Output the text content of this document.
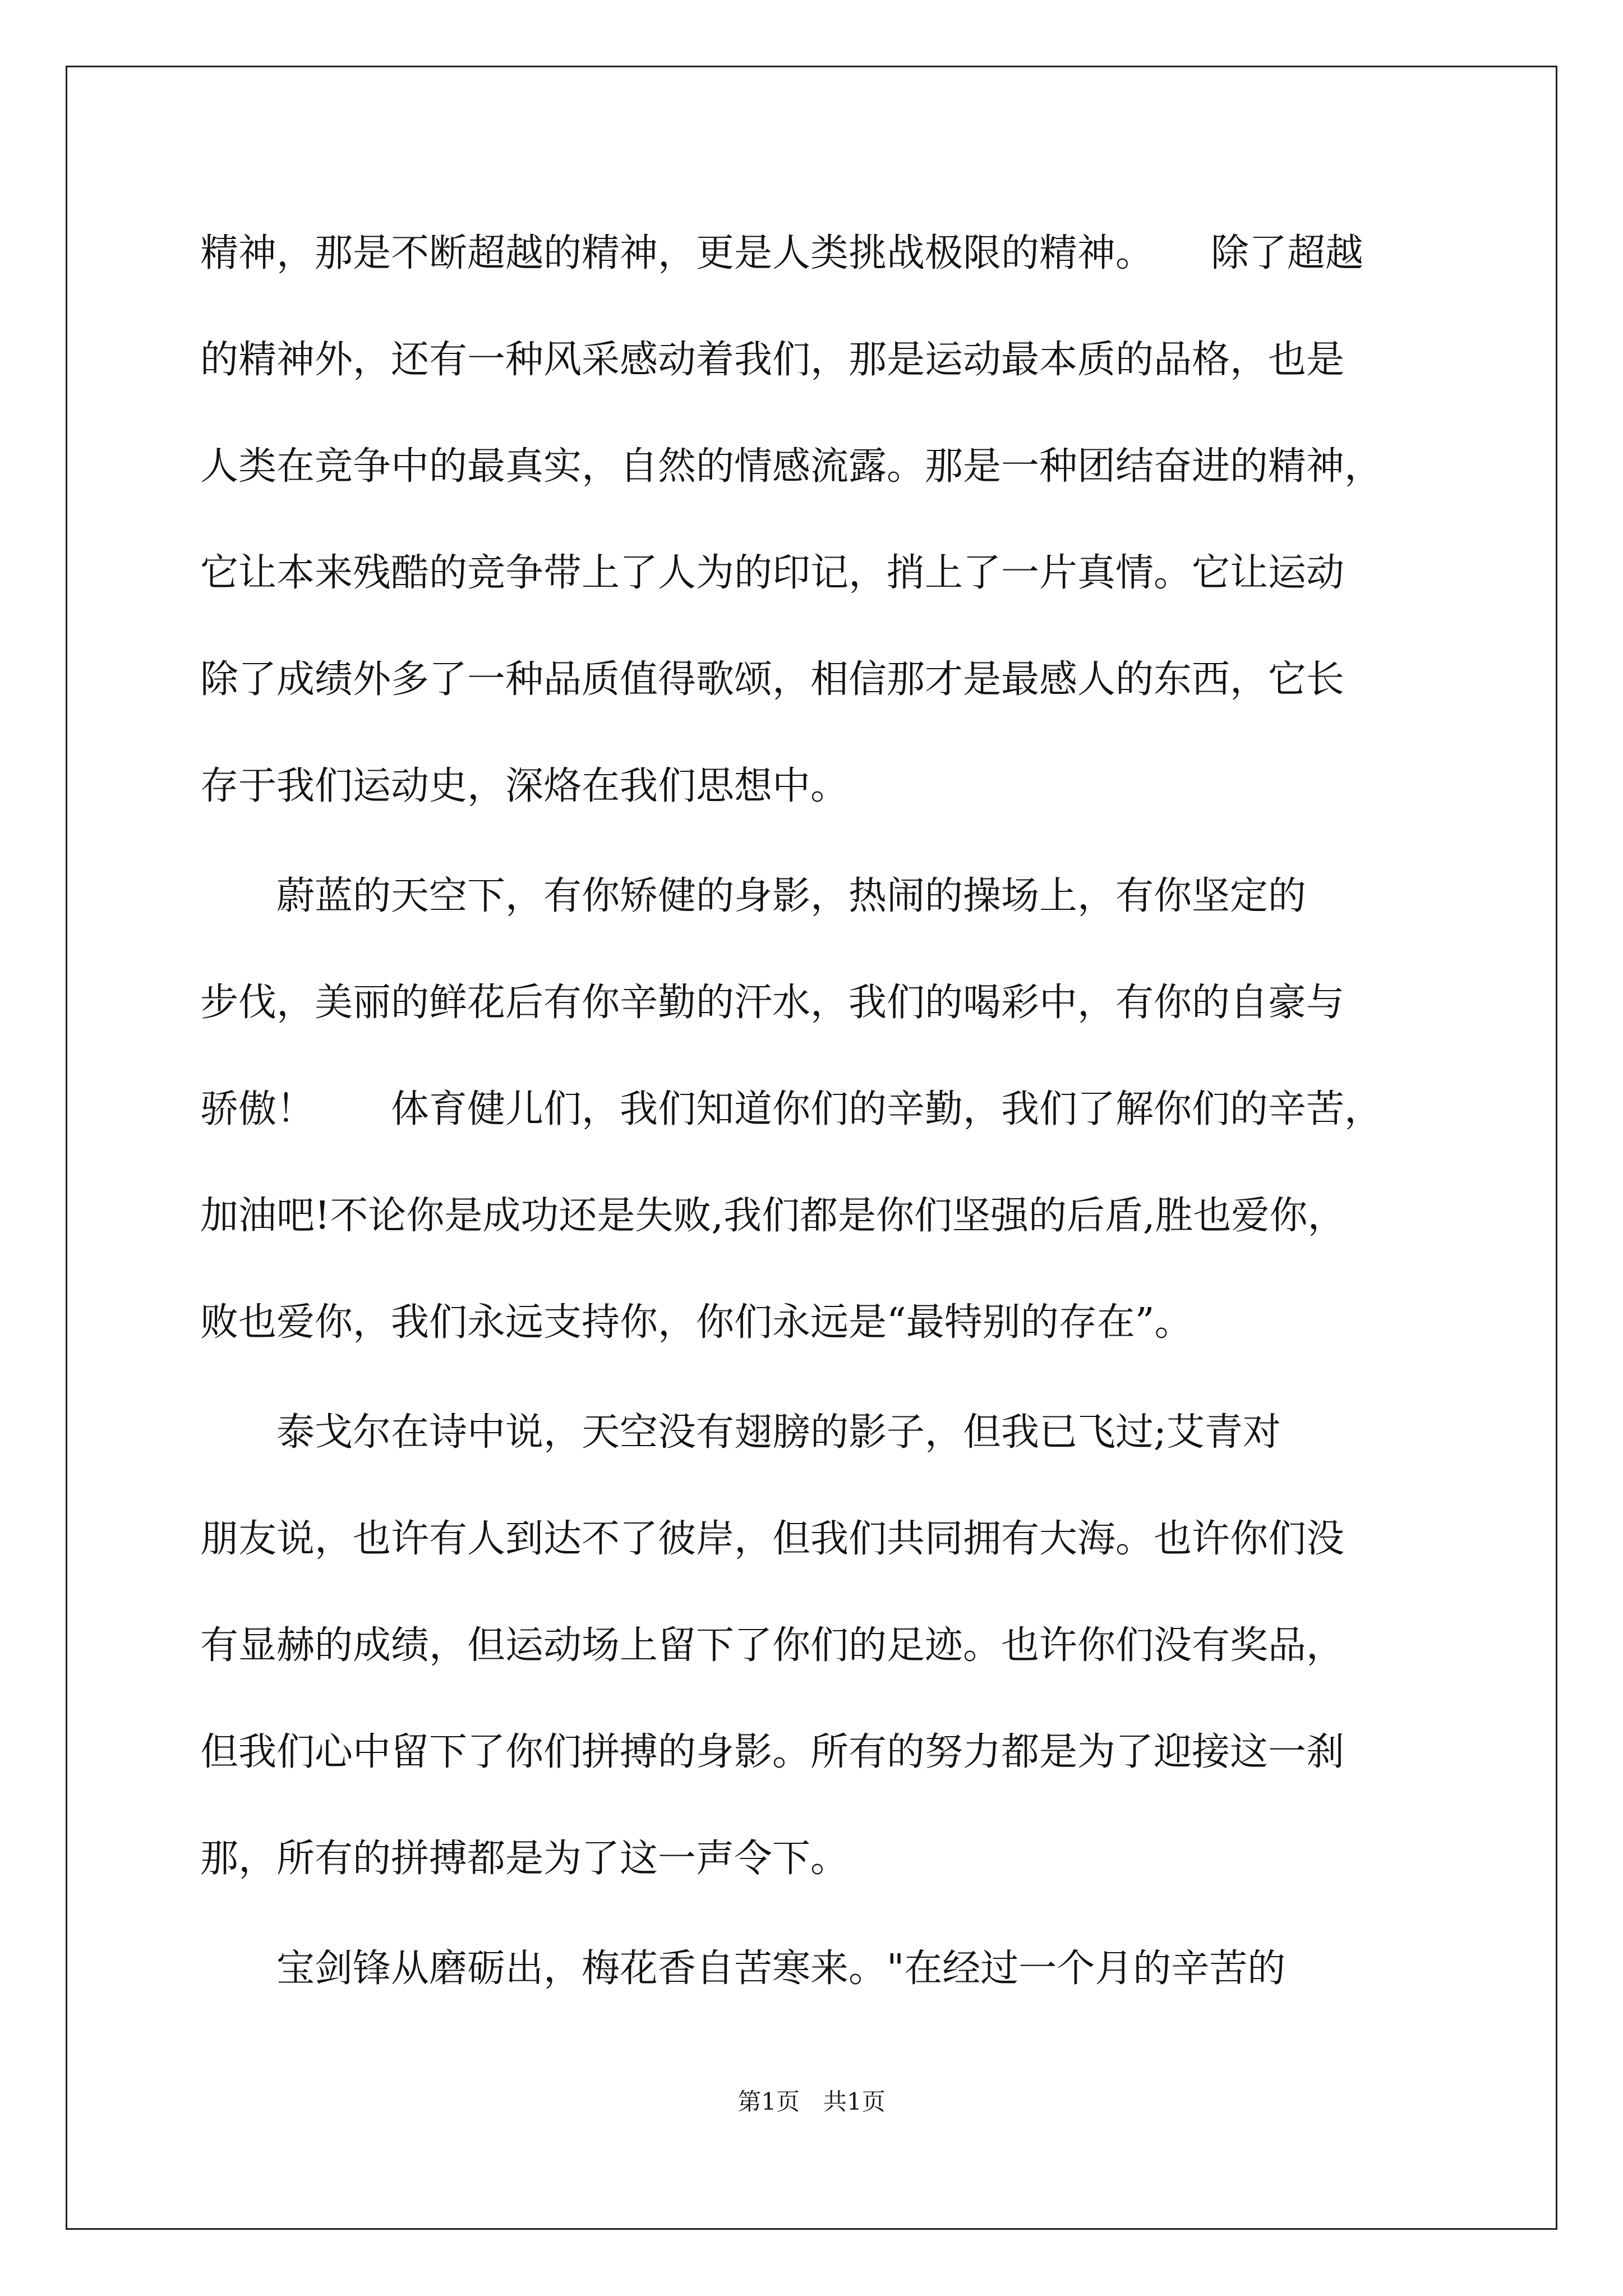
精神，那是不断超越的精神，更是人类挑战极限的精神。　　除了超越
的精神外，还有一种风采感动着我们，那是运动最本质的品格，也是
人类在竞争中的最真实，自然的情感流露。那是一种团结奋进的精神，
它让本来残酷的竞争带上了人为的印记，捎上了一片真情。它让运动
除了成绩外多了一种品质值得歌颂，相信那才是最感人的东西，它长
存于我们运动史，深烙在我们思想中。
　　蔚蓝的天空下，有你矫健的身影，热闹的操场上，有你坚定的
步伐，美丽的鲜花后有你辛勤的汗水，我们的喝彩中，有你的自豪与
骄傲！　　体育健儿们，我们知道你们的辛勤，我们了解你们的辛苦，
加油吧!不论你是成功还是失败,我们都是你们坚强的后盾,胜也爱你，
败也爱你，我们永远支持你，你们永远是“最特别的存在”。
　　泰戈尔在诗中说，天空没有翅膀的影子，但我已飞过;艾青对
朋友说，也许有人到达不了彼岸，但我们共同拥有大海。也许你们没
有显赫的成绩，但运动场上留下了你们的足迹。也许你们没有奖品，
但我们心中留下了你们拼搏的身影。所有的努力都是为了迎接这一刹
那，所有的拼搏都是为了这一声令下。
　　宝剑锋从磨砺出，梅花香自苦寒来。"在经过一个月的辛苦的
第1页　共1页
